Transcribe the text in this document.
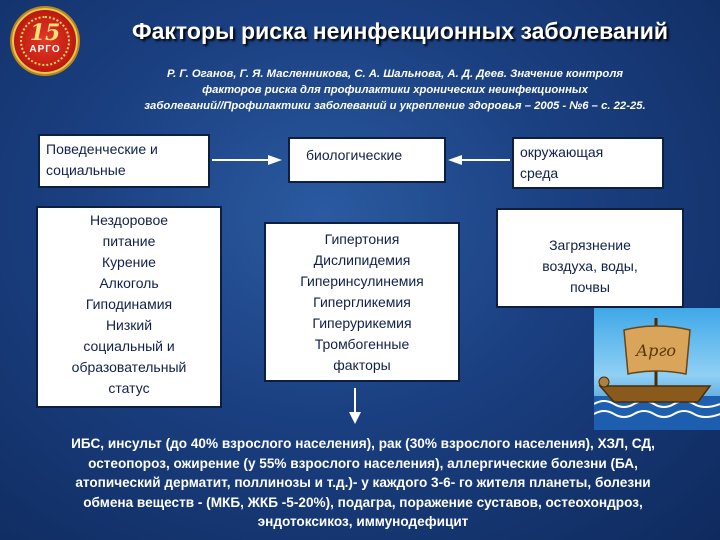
15
АРГО
Факторы риска неинфекционных заболеваний
Р. Г. Оганов, Г. Я. Масленникова, С. А. Шальнова, А. Д. Деев. Значение контроля
факторов риска для профилактики хронических неинфекционных
заболеваний//Профилактики заболеваний и укрепление здоровья – 2005 - №6 – с. 22-25.
Поведенческие и
социальные
биологические	окружающая
среда
Нездоровое
питание
Курение
Алкоголь
Гиподинамия
Низкий
социальный и
образовательный
статус
Гипертония
Дислипидемия
Гиперинсулинемия
Гипергликемия
Гиперурикемия
Тромбогенные
факторы
Загрязнение
воздуха, воды,
почвы
Арго
ИБС, инсульт (до 40% взрослого населения), рак (30% взрослого населения), ХЗЛ, СД,
остеопороз, ожирение (у 55% взрослого населения), аллергические болезни (БА,
атопический дерматит, поллинозы и т.д.)- у каждого 3-6- го жителя планеты, болезни
обмена веществ - (МКБ, ЖКБ -5-20%), подагра, поражение суставов, остеохондроз,
эндотоксикоз, иммунодефицит
